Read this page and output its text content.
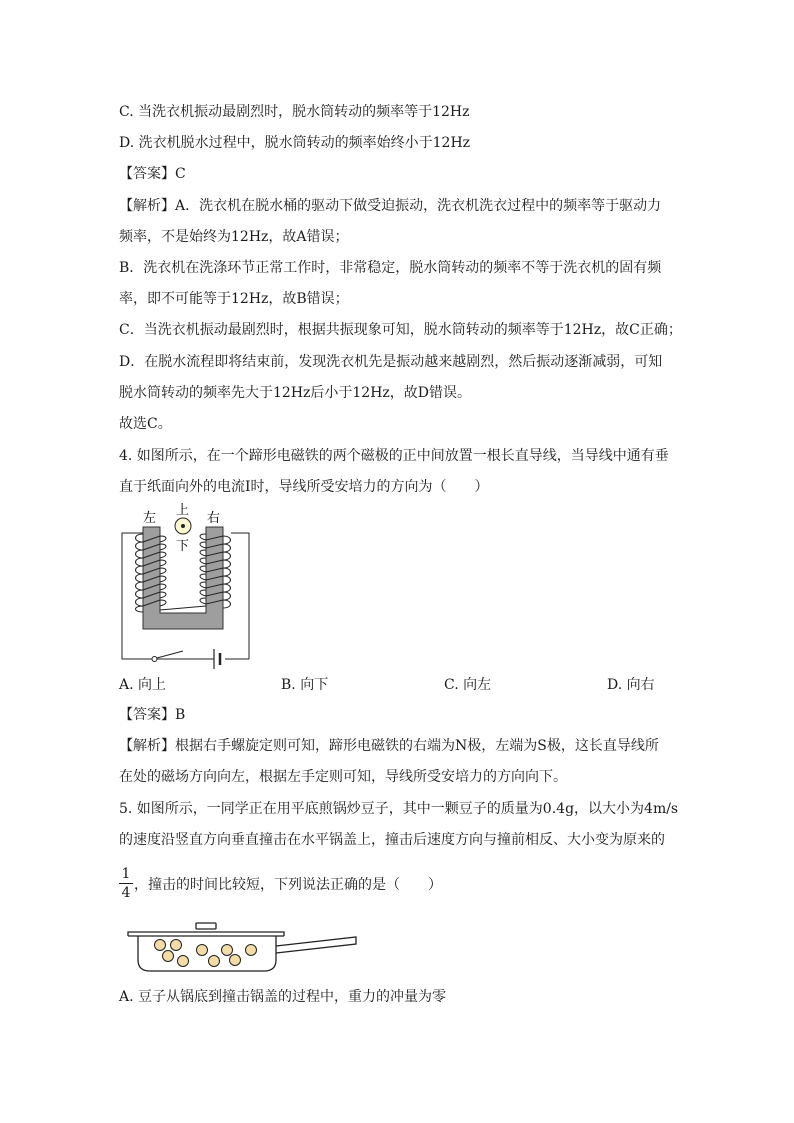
C. 当洗衣机振动最剧烈时，脱水筒转动的频率等于12Hz
D. 洗衣机脱水过程中，脱水筒转动的频率始终小于12Hz
【答案】C
【解析】A．洗衣机在脱水桶的驱动下做受迫振动，洗衣机洗衣过程中的频率等于驱动力
频率，不是始终为12Hz，故A错误；
B．洗衣机在洗涤环节正常工作时，非常稳定，脱水筒转动的频率不等于洗衣机的固有频
率，即不可能等于12Hz，故B错误；
C．当洗衣机振动最剧烈时，根据共振现象可知，脱水筒转动的频率等于12Hz，故C正确；
D．在脱水流程即将结束前，发现洗衣机先是振动越来越剧烈，然后振动逐渐减弱，可知
脱水筒转动的频率先大于12Hz后小于12Hz，故D错误。
故选C。
4. 如图所示，在一个蹄形电磁铁的两个磁极的正中间放置一根长直导线，当导线中通有垂
直于纸面向外的电流I时，导线所受安培力的方向为（　　）
左	右
上
下
A. 向上	B. 向下	C. 向左	D. 向右
【答案】B
【解析】根据右手螺旋定则可知，蹄形电磁铁的右端为N极，左端为S极，这长直导线所
在处的磁场方向向左，根据左手定则可知，导线所受安培力的方向向下。
5. 如图所示，一同学正在用平底煎锅炒豆子，其中一颗豆子的质量为0.4g，以大小为4m/s
的速度沿竖直方向垂直撞击在水平锅盖上，撞击后速度方向与撞前相反、大小变为原来的
1
4 ，撞击的时间比较短，下列说法正确的是（　　）
A. 豆子从锅底到撞击锅盖的过程中，重力的冲量为零
